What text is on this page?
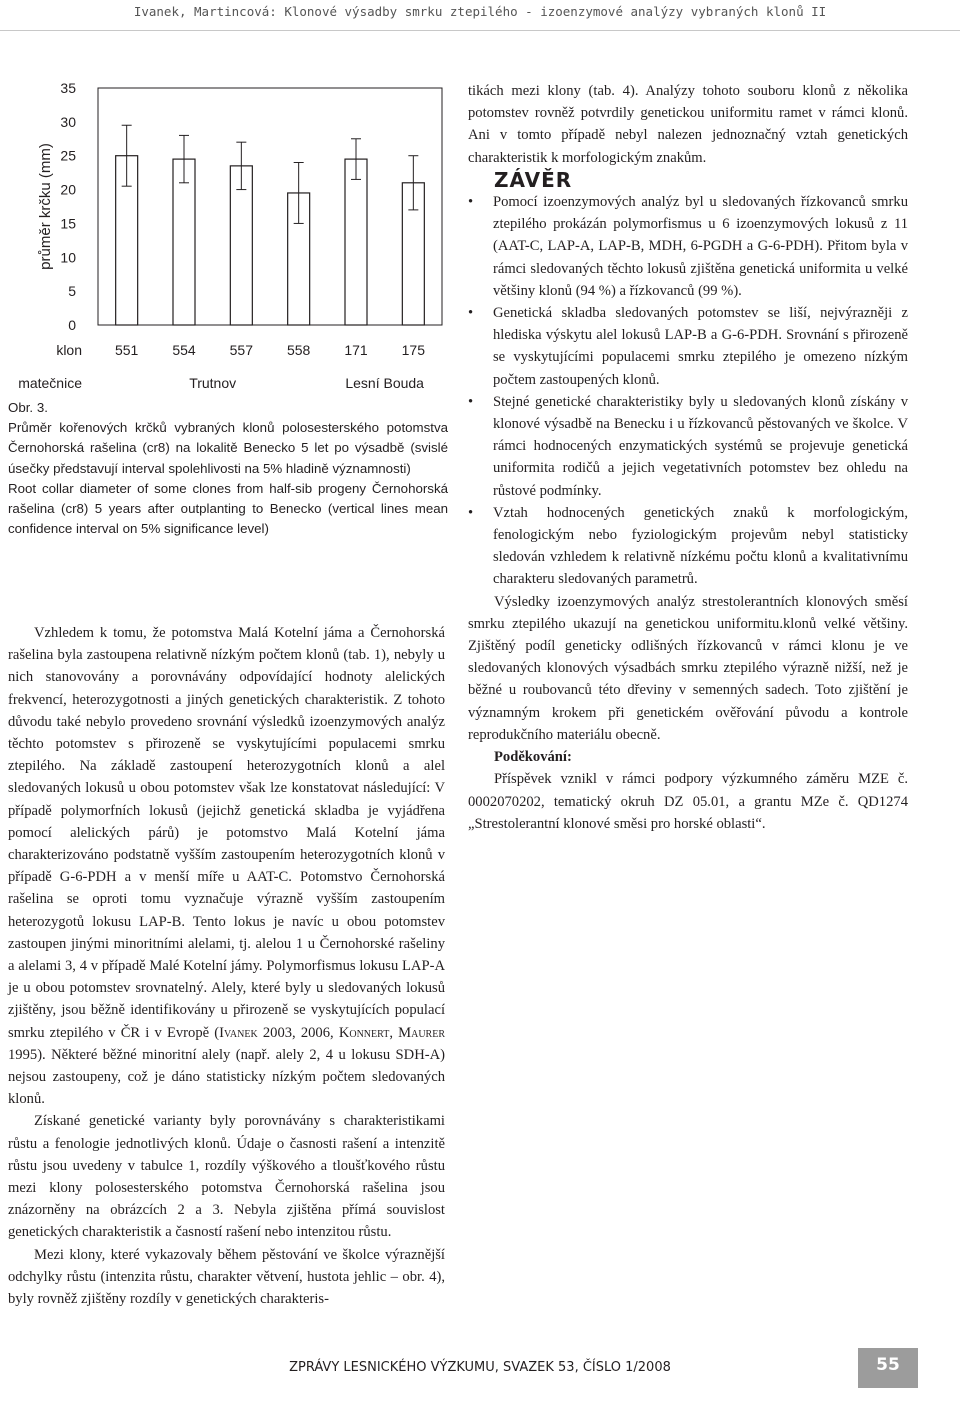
Ivanek, Martincová: Klonové výsadby smrku ztepilého - izoenzymové analýzy vybraných klonů II
0
5
10
15
20
25
30
35
průměr krčku (mm)
551 554 557 558 171 175
klon
matečnice	Trutnov	Lesní Bouda

Obr. 3.

Průměr kořenových krčků vybraných klonů polosesterského potomstva Černohorská rašelina (cr8) na lokalitě Benecko 5 let po výsadbě (svislé úsečky představují interval spolehlivosti na 5% hladině významnosti)

Root collar diameter of some clones from half-sib progeny Černohorská rašelina (cr8) 5 years after outplanting to Benecko (vertical lines mean confidence interval on 5% significance level)

Vzhledem k tomu, že potomstva Malá Kotelní jáma a Černohorská rašelina byla zastoupena relativně nízkým počtem klonů (tab. 1), nebyly u nich stanovovány a porovnávány odpovídající hodnoty alelických frekvencí, heterozygotnosti a jiných genetických charakteristik. Z tohoto důvodu také nebylo provedeno srovnání výsledků izoenzymových analýz těchto potomstev s přirozeně se vyskytujícími populacemi smrku ztepilého. Na základě zastoupení heterozygotních klonů a alel sledovaných lokusů u obou potomstev však lze konstatovat následující: V případě polymorfních lokusů (jejichž genetická skladba je vyjádřena pomocí alelických párů) je potomstvo Malá Kotelní jáma charakterizováno podstatně vyšším zastoupením heterozygotních klonů v případě G-6-PDH a v menší míře u AAT-C. Potomstvo Černohorská rašelina se oproti tomu vyznačuje výrazně vyšším zastoupením heterozygotů lokusu LAP-B. Tento lokus je navíc u obou potomstev zastoupen jinými minoritními alelami, tj. alelou 1 u Černohorské rašeliny a alelami 3, 4 v případě Malé Kotelní jámy. Polymorfismus lokusu LAP-A je u obou potomstev srovnatelný. Alely, které byly u sledovaných lokusů zjištěny, jsou běžně identifikovány u přirozeně se vyskytujících populací smrku ztepilého v ČR i v Evropě (Ivanek 2003, 2006, Konnert, Maurer 1995). Některé běžné minoritní alely (např. alely 2, 4 u lokusu SDH-A) nejsou zastoupeny, což je dáno statisticky nízkým počtem sledovaných klonů.

Získané genetické varianty byly porovnávány s charakteristikami růstu a fenologie jednotlivých klonů. Údaje o časnosti rašení a intenzitě růstu jsou uvedeny v tabulce 1, rozdíly výškového a tloušťkového růstu mezi klony polosesterského potomstva Černohorská rašelina jsou znázorněny na obrázcích 2 a 3. Nebyla zjištěna přímá souvislost genetických charakteristik a časností rašení nebo intenzitou růstu.

Mezi klony, které vykazovaly během pěstování ve školce výraznější odchylky růstu (intenzita růstu, charakter větvení, hustota jehlic – obr. 4), byly rovněž zjištěny rozdíly v genetických charakteris-

tikách mezi klony (tab. 4). Analýzy tohoto souboru klonů z několika potomstev rovněž potvrdily genetickou uniformitu ramet v rámci klonů. Ani v tomto případě nebyl nalezen jednoznačný vztah genetických charakteristik k morfologickým znakům.

ZÁVĚR

• Pomocí izoenzymových analýz byl u sledovaných řízkovanců smrku ztepilého prokázán polymorfismus u 6 izoenzymových lokusů z 11 (AAT-C, LAP-A, LAP-B, MDH, 6-PGDH a G-6-PDH). Přitom byla v rámci sledovaných těchto lokusů zjištěna genetická uniformita u velké většiny klonů (94 %) a řízkovanců (99 %).
• Genetická skladba sledovaných potomstev se liší, nejvýrazněji z hlediska výskytu alel lokusů LAP-B a G-6-PDH. Srovnání s přirozeně se vyskytujícími populacemi smrku ztepilého je omezeno nízkým počtem zastoupených klonů.
• Stejné genetické charakteristiky byly u sledovaných klonů získány v klonové výsadbě na Benecku i u řízkovanců pěstovaných ve školce. V rámci hodnocených enzymatických systémů se projevuje genetická uniformita rodičů a jejich vegetativních potomstev bez ohledu na růstové podmínky.
• Vztah hodnocených genetických znaků k morfologickým, fenologickým nebo fyziologickým projevům nebyl statisticky sledován vzhledem k relativně nízkému počtu klonů a kvalitativnímu charakteru sledovaných parametrů.

Výsledky izoenzymových analýz strestolerantních klonových směsí smrku ztepilého ukazují na genetickou uniformitu.klonů velké většiny. Zjištěný podíl geneticky odlišných řízkovanců v rámci klonu je ve sledovaných klonových výsadbách smrku ztepilého výrazně nižší, než je běžné u roubovanců této dřeviny v semenných sadech. Toto zjištění je významným krokem při genetickém ověřování původu a kontrole reprodukčního materiálu obecně.

Poděkování:

Příspěvek vznikl v rámci podpory výzkumného záměru MZE č. 0002070202, tematický okruh DZ 05.01, a grantu MZe č. QD1274 „Strestolerantní klonové směsi pro horské oblasti“.

ZPRÁVY LESNICKÉHO VÝZKUMU, SVAZEK 53, ČÍSLO 1/2008	55
